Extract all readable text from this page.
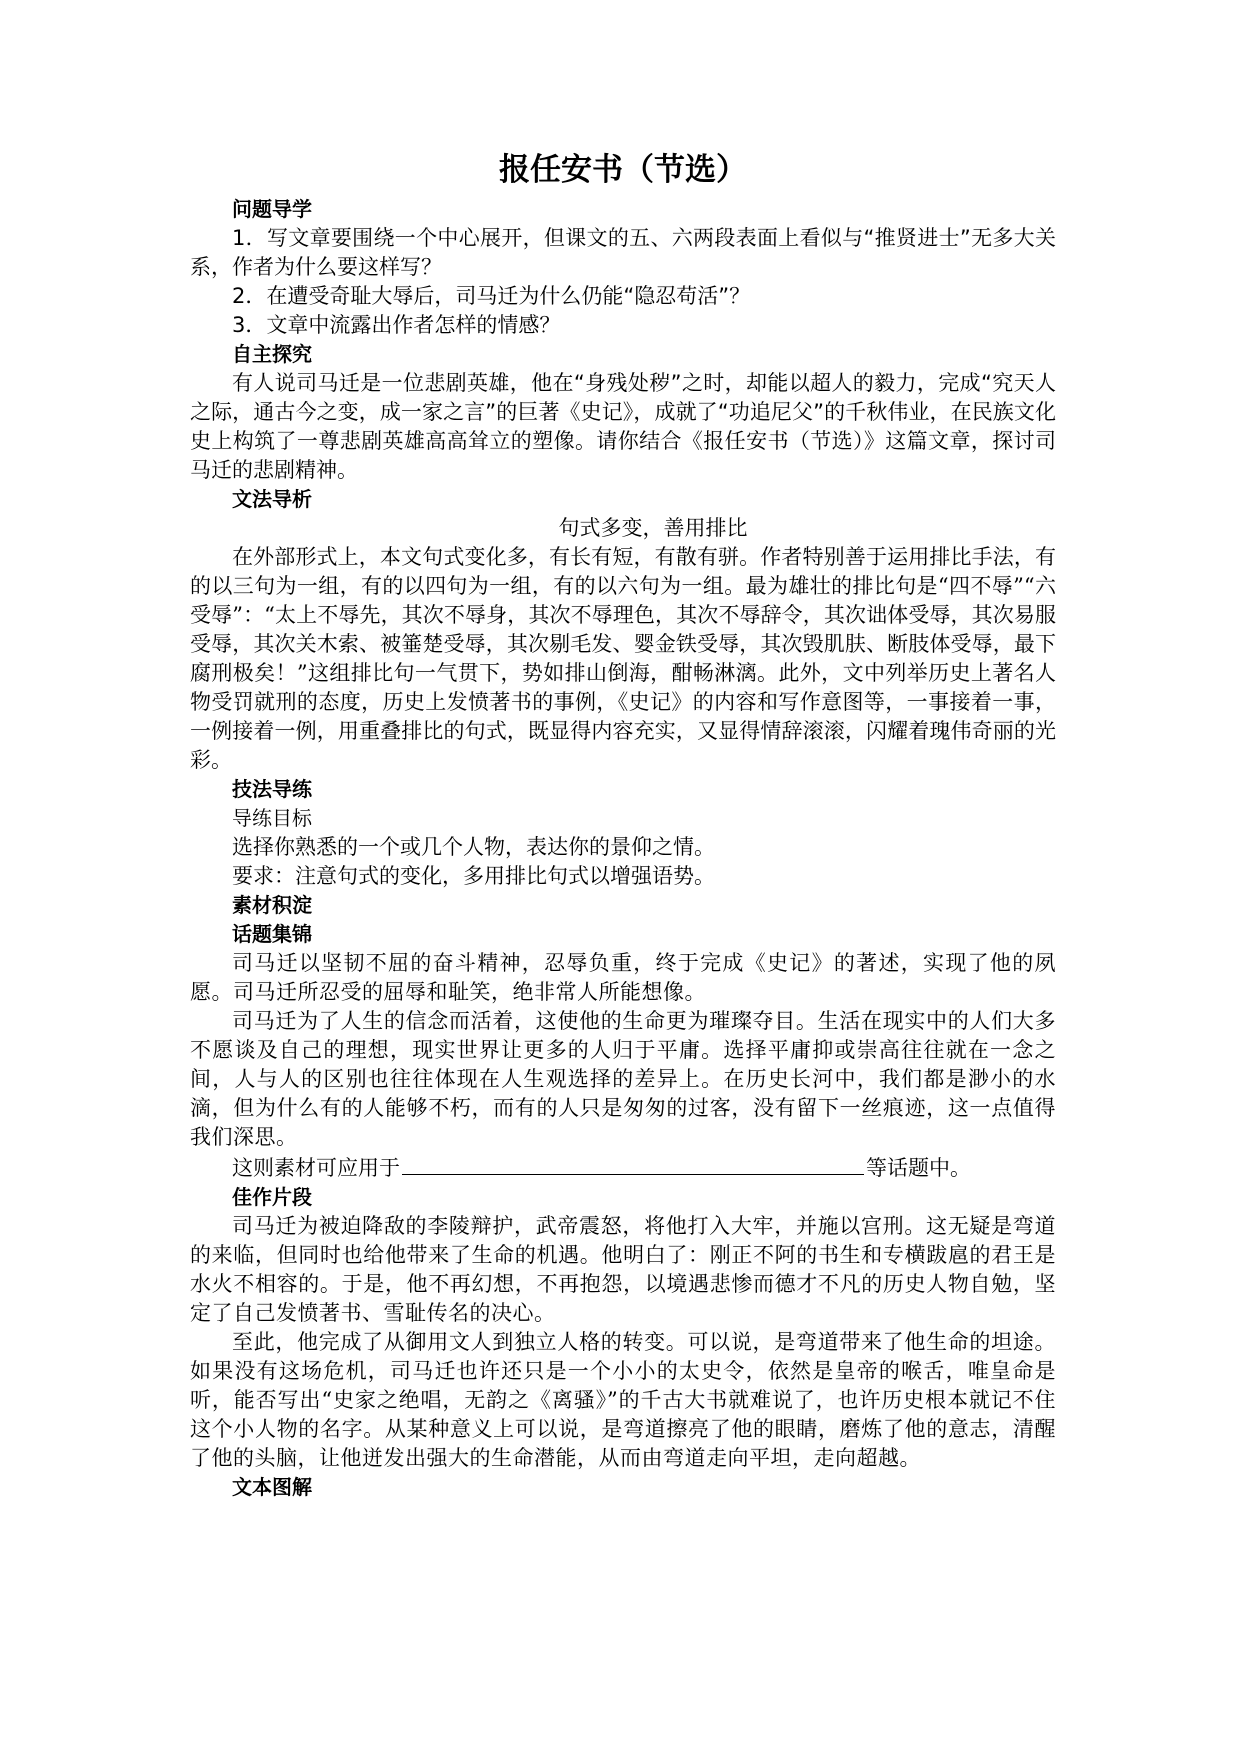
报任安书（节选）
问题导学

1．写文章要围绕一个中心展开，但课文的五、六两段表面上看似与“推贤进士”无多大关系，作者为什么要这样写？

2．在遭受奇耻大辱后，司马迁为什么仍能“隐忍苟活”？

3．文章中流露出作者怎样的情感？

自主探究

有人说司马迁是一位悲剧英雄，他在“身残处秽”之时，却能以超人的毅力，完成“究天人之际，通古今之变，成一家之言”的巨著《史记》，成就了“功追尼父”的千秋伟业，在民族文化史上构筑了一尊悲剧英雄高高耸立的塑像。请你结合《报任安书（节选）》这篇文章，探讨司马迁的悲剧精神。

文法导析

句式多变，善用排比

在外部形式上，本文句式变化多，有长有短，有散有骈。作者特别善于运用排比手法，有的以三句为一组，有的以四句为一组，有的以六句为一组。最为雄壮的排比句是“四不辱”“六受辱”：“太上不辱先，其次不辱身，其次不辱理色，其次不辱辞令，其次诎体受辱，其次易服受辱，其次关木索、被箠楚受辱，其次剔毛发、婴金铁受辱，其次毁肌肤、断肢体受辱，最下腐刑极矣！”这组排比句一气贯下，势如排山倒海，酣畅淋漓。此外，文中列举历史上著名人物受罚就刑的态度，历史上发愤著书的事例，《史记》的内容和写作意图等，一事接着一事，一例接着一例，用重叠排比的句式，既显得内容充实，又显得情辞滚滚，闪耀着瑰伟奇丽的光彩。

技法导练
导练目标

选择你熟悉的一个或几个人物，表达你的景仰之情。

要求：注意句式的变化，多用排比句式以增强语势。

素材积淀
话题集锦

司马迁以坚韧不屈的奋斗精神，忍辱负重，终于完成《史记》的著述，实现了他的夙愿。司马迁所忍受的屈辱和耻笑，绝非常人所能想像。

司马迁为了人生的信念而活着，这使他的生命更为璀璨夺目。生活在现实中的人们大多不愿谈及自己的理想，现实世界让更多的人归于平庸。选择平庸抑或崇高往往就在一念之间，人与人的区别也往往体现在人生观选择的差异上。在历史长河中，我们都是渺小的水滴，但为什么有的人能够不朽，而有的人只是匆匆的过客，没有留下一丝痕迹，这一点值得我们深思。

这则素材可应用于	等话题中。

佳作片段

司马迁为被迫降敌的李陵辩护，武帝震怒，将他打入大牢，并施以宫刑。这无疑是弯道的来临，但同时也给他带来了生命的机遇。他明白了：刚正不阿的书生和专横跋扈的君王是水火不相容的。于是，他不再幻想，不再抱怨，以境遇悲惨而德才不凡的历史人物自勉，坚定了自己发愤著书、雪耻传名的决心。

至此，他完成了从御用文人到独立人格的转变。可以说，是弯道带来了他生命的坦途。如果没有这场危机，司马迁也许还只是一个小小的太史令，依然是皇帝的喉舌，唯皇命是听，能否写出“史家之绝唱，无韵之《离骚》”的千古大书就难说了，也许历史根本就记不住这个小人物的名字。从某种意义上可以说，是弯道擦亮了他的眼睛，磨炼了他的意志，清醒了他的头脑，让他迸发出强大的生命潜能，从而由弯道走向平坦，走向超越。

文本图解
